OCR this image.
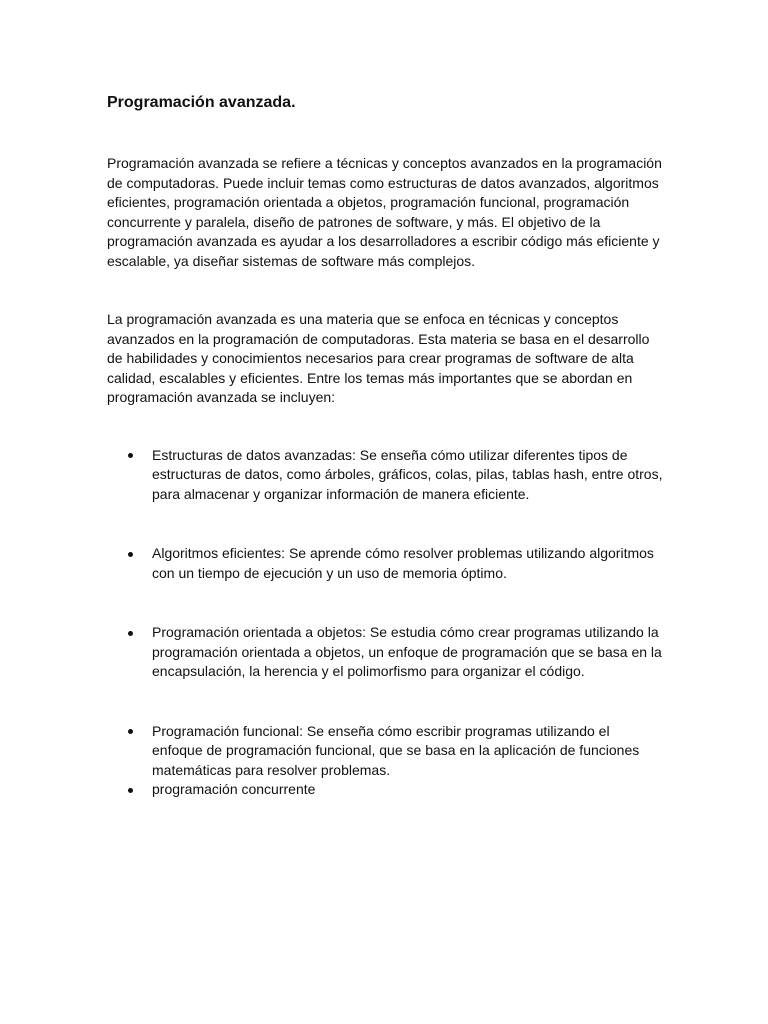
Programación avanzada.

Programación avanzada se refiere a técnicas y conceptos avanzados en la programación de computadoras. Puede incluir temas como estructuras de datos avanzados, algoritmos eficientes, programación orientada a objetos, programación funcional, programación concurrente y paralela, diseño de patrones de software, y más. El objetivo de la programación avanzada es ayudar a los desarrolladores a escribir código más eficiente y escalable, ya diseñar sistemas de software más complejos.

La programación avanzada es una materia que se enfoca en técnicas y conceptos avanzados en la programación de computadoras. Esta materia se basa en el desarrollo de habilidades y conocimientos necesarios para crear programas de software de alta calidad, escalables y eficientes. Entre los temas más importantes que se abordan en programación avanzada se incluyen:

Estructuras de datos avanzadas: Se enseña cómo utilizar diferentes tipos de estructuras de datos, como árboles, gráficos, colas, pilas, tablas hash, entre otros, para almacenar y organizar información de manera eficiente.
Algoritmos eficientes: Se aprende cómo resolver problemas utilizando algoritmos con un tiempo de ejecución y un uso de memoria óptimo.
Programación orientada a objetos: Se estudia cómo crear programas utilizando la programación orientada a objetos, un enfoque de programación que se basa en la encapsulación, la herencia y el polimorfismo para organizar el código.
Programación funcional: Se enseña cómo escribir programas utilizando el enfoque de programación funcional, que se basa en la aplicación de funciones matemáticas para resolver problemas.
programación concurrente
